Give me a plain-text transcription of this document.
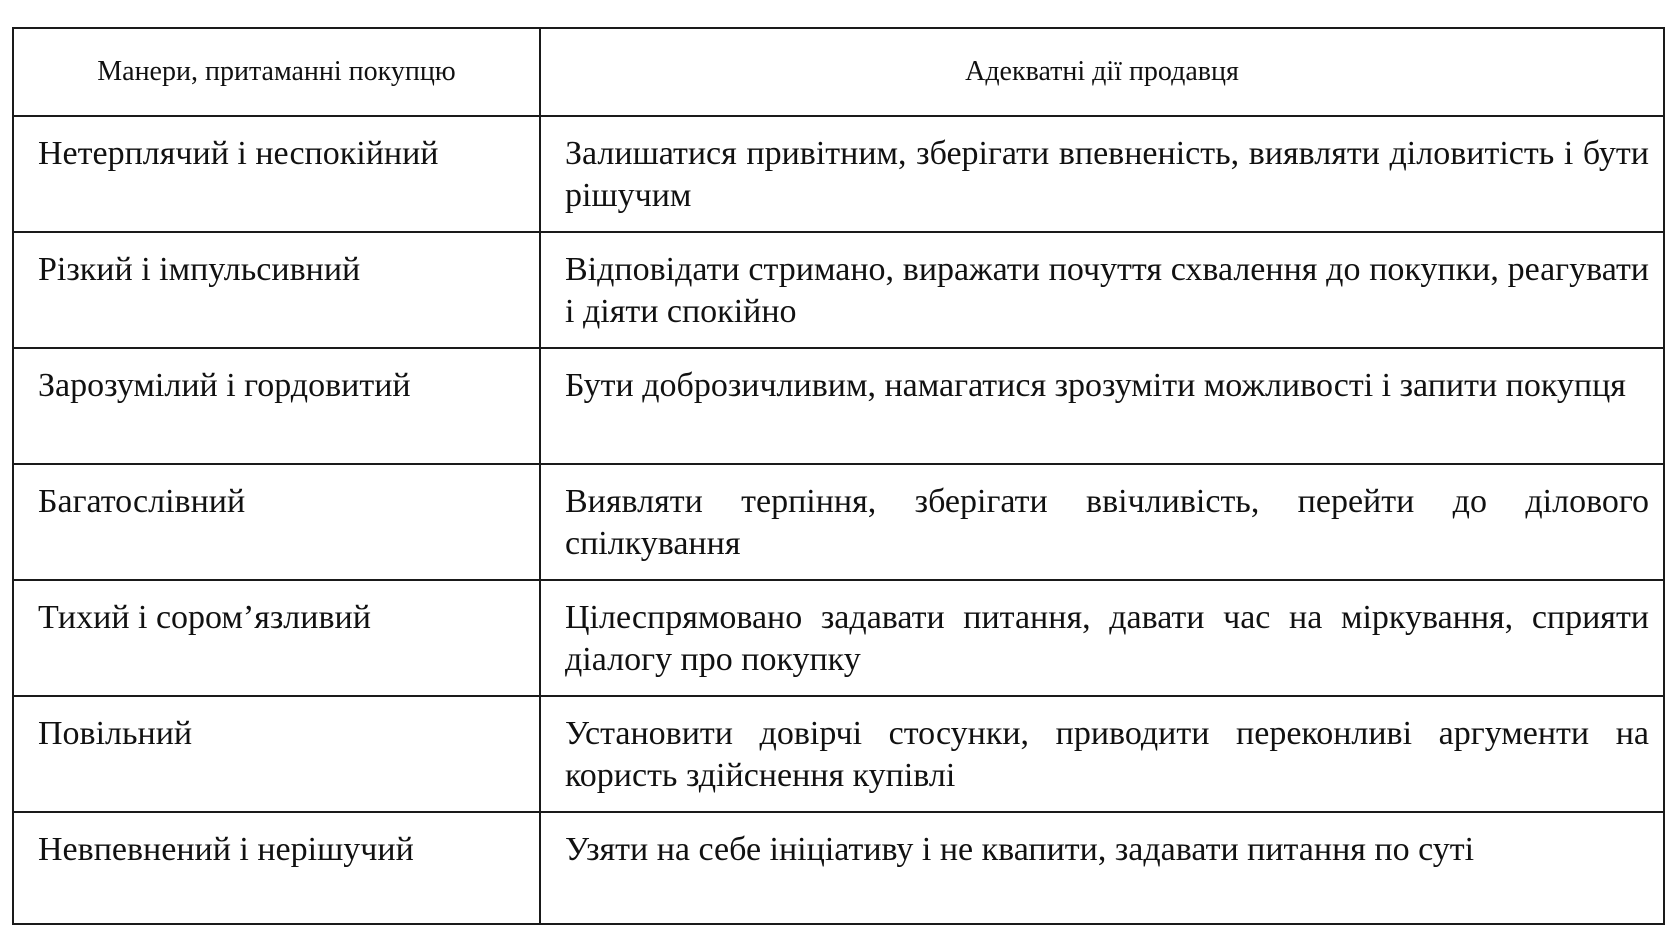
Манери, притаманні покупцю	Адекватні дії продавця
Нетерплячий і неспокійний	Залишатися привітним, зберігати впевненість, виявляти діловитість і бути рішучим
Різкий і імпульсивний	Відповідати стримано, виражати почуття схвалення до покупки, реагувати і діяти спокійно
Зарозумілий і гордовитий	Бути доброзичливим, намагатися зрозуміти можливості і запити покупця
Багатослівний	Виявляти терпіння, зберігати ввічливість, перейти до ділового спілкування
Тихий і сором’язливий	Цілеспрямовано задавати питання, давати час на міркування, сприяти діалогу про покупку
Повільний	Установити довірчі стосунки, приводити переконливі аргументи на користь здійснення купівлі
Невпевнений і нерішучий	Узяти на себе ініціативу і не квапити, задавати питання по суті
